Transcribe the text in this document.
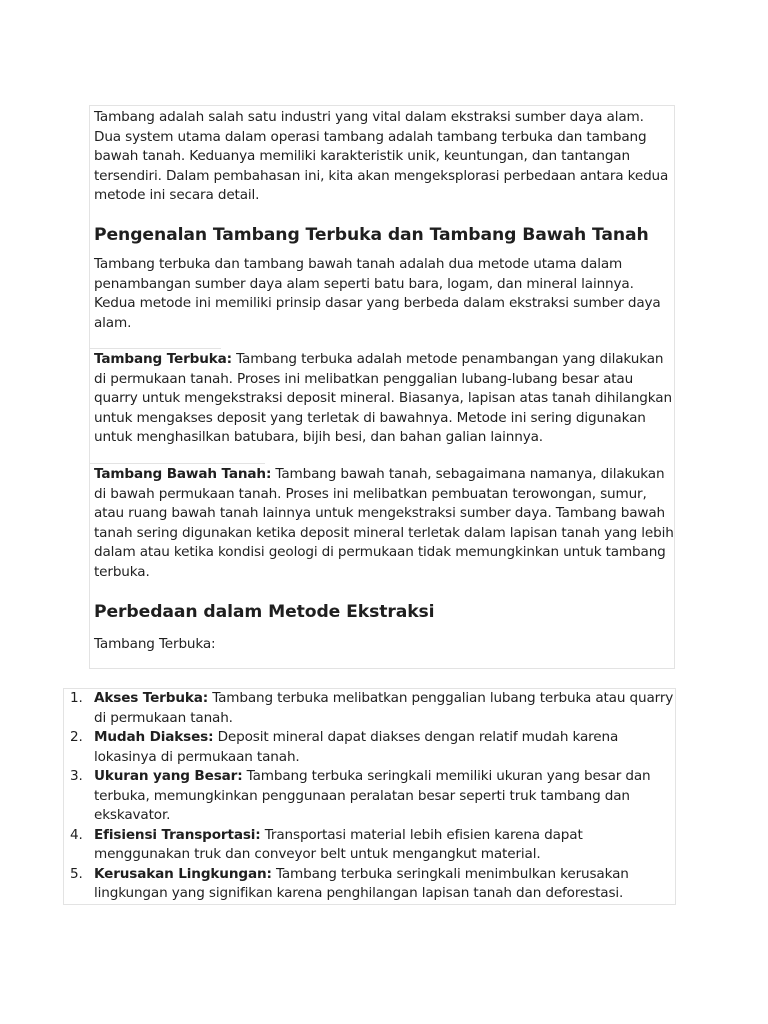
Tambang adalah salah satu industri yang vital dalam ekstraksi sumber daya alam. Dua system utama dalam operasi tambang adalah tambang terbuka dan tambang bawah tanah. Keduanya memiliki karakteristik unik, keuntungan, dan tantangan tersendiri. Dalam pembahasan ini, kita akan mengeksplorasi perbedaan antara kedua metode ini secara detail.

Pengenalan Tambang Terbuka dan Tambang Bawah Tanah

Tambang terbuka dan tambang bawah tanah adalah dua metode utama dalam penambangan sumber daya alam seperti batu bara, logam, dan mineral lainnya. Kedua metode ini memiliki prinsip dasar yang berbeda dalam ekstraksi sumber daya alam.

Tambang Terbuka: Tambang terbuka adalah metode penambangan yang dilakukan di permukaan tanah. Proses ini melibatkan penggalian lubang-lubang besar atau quarry untuk mengekstraksi deposit mineral. Biasanya, lapisan atas tanah dihilangkan untuk mengakses deposit yang terletak di bawahnya. Metode ini sering digunakan untuk menghasilkan batubara, bijih besi, dan bahan galian lainnya.

Tambang Bawah Tanah: Tambang bawah tanah, sebagaimana namanya, dilakukan di bawah permukaan tanah. Proses ini melibatkan pembuatan terowongan, sumur, atau ruang bawah tanah lainnya untuk mengekstraksi sumber daya. Tambang bawah tanah sering digunakan ketika deposit mineral terletak dalam lapisan tanah yang lebih dalam atau ketika kondisi geologi di permukaan tidak memungkinkan untuk tambang terbuka.

Perbedaan dalam Metode Ekstraksi

Tambang Terbuka:

1. Akses Terbuka: Tambang terbuka melibatkan penggalian lubang terbuka atau quarry di permukaan tanah.
2. Mudah Diakses: Deposit mineral dapat diakses dengan relatif mudah karena lokasinya di permukaan tanah.
3. Ukuran yang Besar: Tambang terbuka seringkali memiliki ukuran yang besar dan terbuka, memungkinkan penggunaan peralatan besar seperti truk tambang dan ekskavator.
4. Efisiensi Transportasi: Transportasi material lebih efisien karena dapat menggunakan truk dan conveyor belt untuk mengangkut material.
5. Kerusakan Lingkungan: Tambang terbuka seringkali menimbulkan kerusakan lingkungan yang signifikan karena penghilangan lapisan tanah dan deforestasi.
